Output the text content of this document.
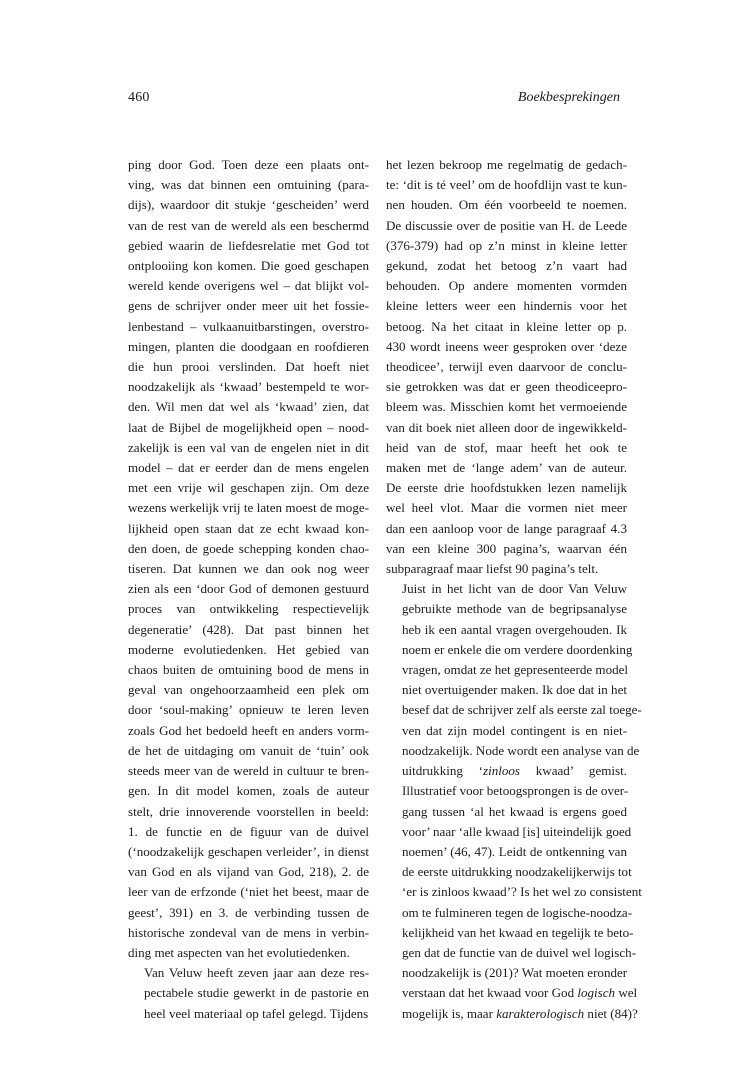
460	Boekbesprekingen

ping door God. Toen deze een plaats ont-
ving, was dat binnen een omtuining (para-
dijs), waardoor dit stukje ‘gescheiden’ werd
van de rest van de wereld als een beschermd
gebied waarin de liefdesrelatie met God tot
ontplooiing kon komen. Die goed geschapen
wereld kende overigens wel – dat blijkt vol-
gens de schrijver onder meer uit het fossie-
lenbestand – vulkaanuitbarstingen, overstro-
mingen, planten die doodgaan en roofdieren
die hun prooi verslinden. Dat hoeft niet
noodzakelijk als ‘kwaad’ bestempeld te wor-
den. Wil men dat wel als ‘kwaad’ zien, dat
laat de Bijbel de mogelijkheid open – nood-
zakelijk is een val van de engelen niet in dit
model – dat er eerder dan de mens engelen
met een vrije wil geschapen zijn. Om deze
wezens werkelijk vrij te laten moest de moge-
lijkheid open staan dat ze echt kwaad kon-
den doen, de goede schepping konden chao-
tiseren. Dat kunnen we dan ook nog weer
zien als een ‘door God of demonen gestuurd
proces van ontwikkeling respectievelijk
degeneratie’ (428). Dat past binnen het
moderne evolutiedenken. Het gebied van
chaos buiten de omtuining bood de mens in
geval van ongehoorzaamheid een plek om
door ‘soul-making’ opnieuw te leren leven
zoals God het bedoeld heeft en anders vorm-
de het de uitdaging om vanuit de ‘tuin’ ook
steeds meer van de wereld in cultuur te bren-
gen. In dit model komen, zoals de auteur
stelt, drie innoverende voorstellen in beeld:
1. de functie en de figuur van de duivel
(‘noodzakelijk geschapen verleider’, in dienst
van God en als vijand van God, 218), 2. de
leer van de erfzonde (‘niet het beest, maar de
geest’, 391) en 3. de verbinding tussen de
historische zondeval van de mens in verbin-
ding met aspecten van het evolutiedenken.

Van Veluw heeft zeven jaar aan deze res-
pectabele studie gewerkt in de pastorie en
heel veel materiaal op tafel gelegd. Tijdens

het lezen bekroop me regelmatig de gedach-
te: ‘dit is té veel’ om de hoofdlijn vast te kun-
nen houden. Om één voorbeeld te noemen.
De discussie over de positie van H. de Leede
(376-379) had op z’n minst in kleine letter
gekund, zodat het betoog z’n vaart had
behouden. Op andere momenten vormden
kleine letters weer een hindernis voor het
betoog. Na het citaat in kleine letter op p.
430 wordt ineens weer gesproken over ‘deze
theodicee’, terwijl even daarvoor de conclu-
sie getrokken was dat er geen theodiceepro-
bleem was. Misschien komt het vermoeiende
van dit boek niet alleen door de ingewikkeld-
heid van de stof, maar heeft het ook te
maken met de ‘lange adem’ van de auteur.
De eerste drie hoofdstukken lezen namelijk
wel heel vlot. Maar die vormen niet meer
dan een aanloop voor de lange paragraaf 4.3
van een kleine 300 pagina’s, waarvan één
subparagraaf maar liefst 90 pagina’s telt.

Juist in het licht van de door Van Veluw
gebruikte methode van de begripsanalyse
heb ik een aantal vragen overgehouden. Ik
noem er enkele die om verdere doordenking
vragen, omdat ze het gepresenteerde model
niet overtuigender maken. Ik doe dat in het
besef dat de schrijver zelf als eerste zal toege-
ven dat zijn model contingent is en niet-
noodzakelijk. Node wordt een analyse van de
uitdrukking ‘zinloos kwaad’ gemist.
Illustratief voor betoogsprongen is de over-
gang tussen ‘al het kwaad is ergens goed
voor’ naar ‘alle kwaad [is] uiteindelijk goed
noemen’ (46, 47). Leidt de ontkenning van
de eerste uitdrukking noodzakelijkerwijs tot
‘er is zinloos kwaad’? Is het wel zo consistent
om te fulmineren tegen de logische-noodza-
kelijkheid van het kwaad en tegelijk te beto-
gen dat de functie van de duivel wel logisch-
noodzakelijk is (201)? Wat moeten eronder
verstaan dat het kwaad voor God logisch wel
mogelijk is, maar karakterologisch niet (84)?
